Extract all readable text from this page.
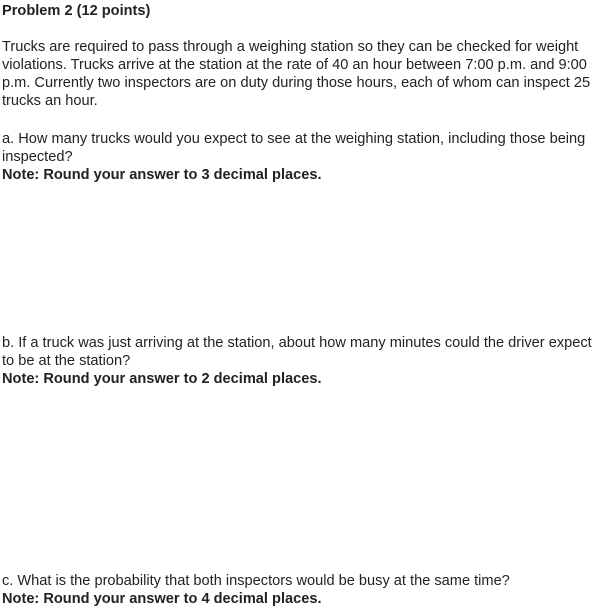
Problem 2 (12 points)
Trucks are required to pass through a weighing station so they can be checked for weight violations. Trucks arrive at the station at the rate of 40 an hour between 7:00 p.m. and 9:00 p.m. Currently two inspectors are on duty during those hours, each of whom can inspect 25 trucks an hour.
a. How many trucks would you expect to see at the weighing station, including those being inspected?
Note: Round your answer to 3 decimal places.
b. If a truck was just arriving at the station, about how many minutes could the driver expect to be at the station?
Note: Round your answer to 2 decimal places.
c. What is the probability that both inspectors would be busy at the same time?
Note: Round your answer to 4 decimal places.
